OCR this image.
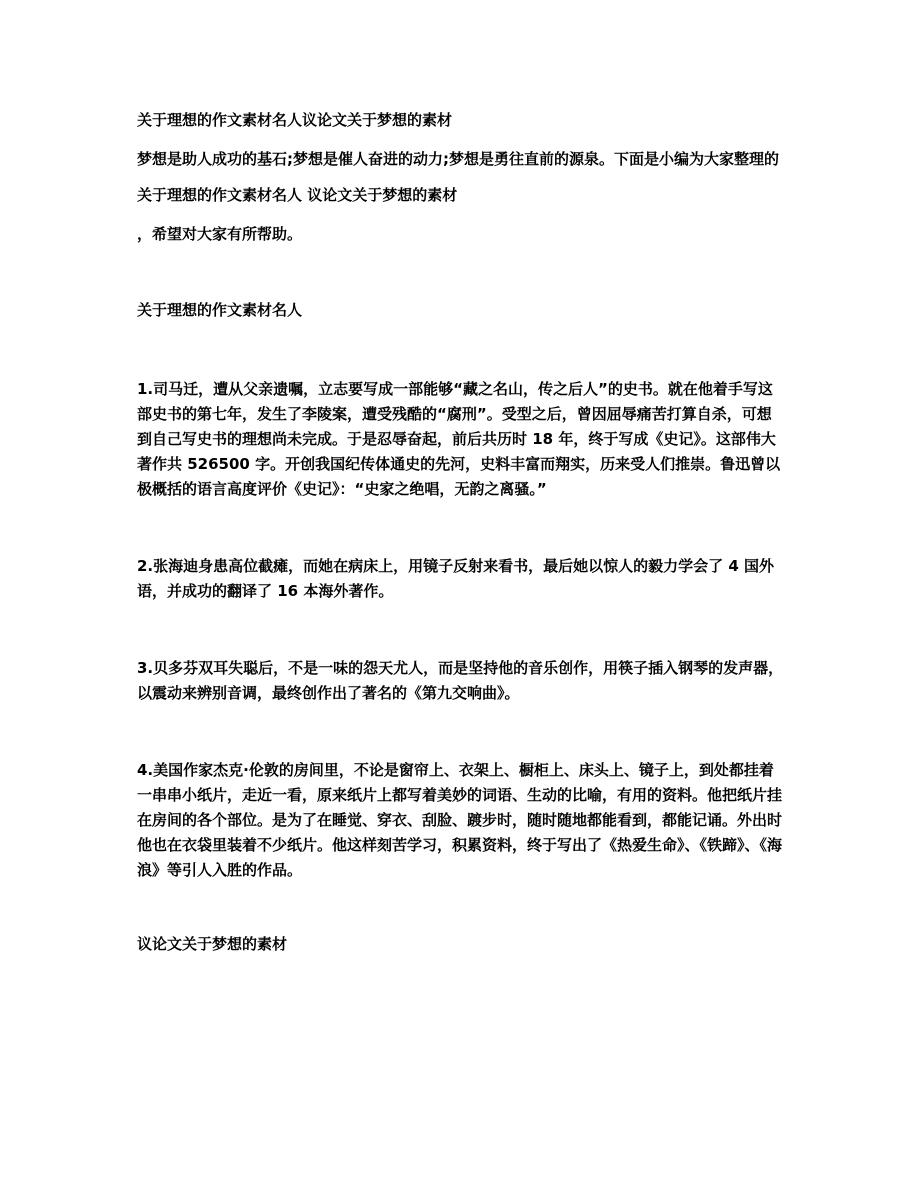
关于理想的作文素材名人议论文关于梦想的素材

梦想是助人成功的基石;梦想是催人奋进的动力;梦想是勇往直前的源泉。下面是小编为大家整理的

关于理想的作文素材名人 议论文关于梦想的素材

，希望对大家有所帮助。

关于理想的作文素材名人

1.司马迁，遭从父亲遗嘱，立志要写成一部能够“藏之名山，传之后人”的史书。就在他着手写这部史书的第七年，发生了李陵案，遭受残酷的“腐刑”。受型之后，曾因屈辱痛苦打算自杀，可想到自己写史书的理想尚未完成。于是忍辱奋起，前后共历时 18 年，终于写成《史记》。这部伟大著作共 526500 字。开创我国纪传体通史的先河，史料丰富而翔实，历来受人们推崇。鲁迅曾以极概括的语言高度评价《史记》：“史家之绝唱，无韵之离骚。”

2.张海迪身患高位截瘫，而她在病床上，用镜子反射来看书，最后她以惊人的毅力学会了 4 国外语，并成功的翻译了 16 本海外著作。

3.贝多芬双耳失聪后，不是一味的怨天尤人，而是坚持他的音乐创作，用筷子插入钢琴的发声器，以震动来辨别音调，最终创作出了著名的《第九交响曲》。

4.美国作家杰克·伦敦的房间里，不论是窗帘上、衣架上、橱柜上、床头上、镜子上，到处都挂着一串串小纸片，走近一看，原来纸片上都写着美妙的词语、生动的比喻，有用的资料。他把纸片挂在房间的各个部位。是为了在睡觉、穿衣、刮脸、踱步时，随时随地都能看到，都能记诵。外出时他也在衣袋里装着不少纸片。他这样刻苦学习，积累资料，终于写出了《热爱生命》、《铁蹄》、《海浪》等引人入胜的作品。

议论文关于梦想的素材
